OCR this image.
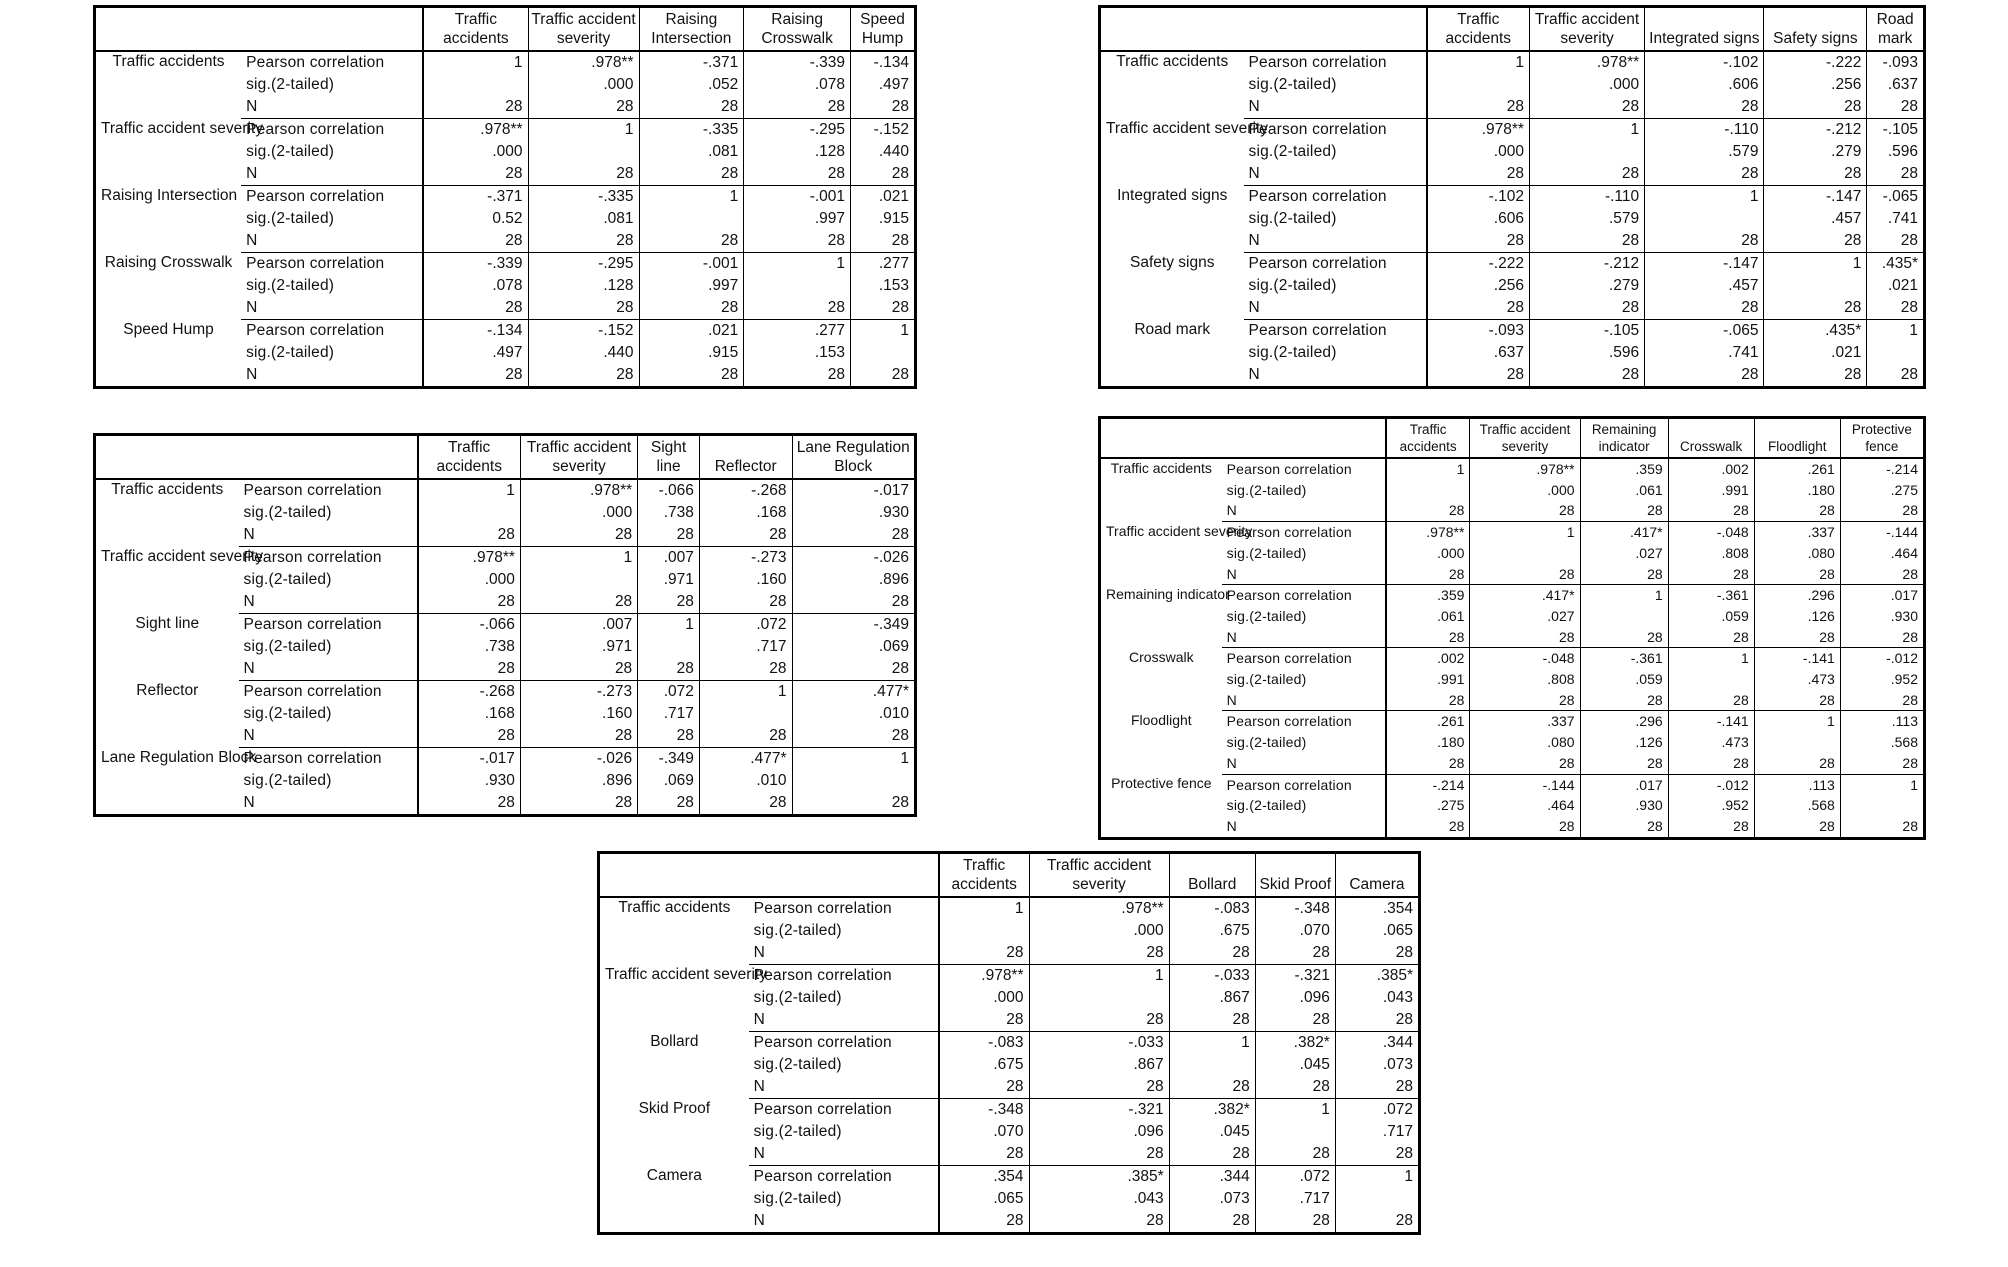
		Traffic accidents	Traffic accident severity	Raising Intersection	Raising Crosswalk	Speed Hump
Traffic accidents	Pearson correlation	1	.978**	-.371	-.339	-.134
	sig.(2-tailed)		.000	.052	.078	.497
	N	28	28	28	28	28
Traffic accident severity	Pearson correlation	.978**	1	-.335	-.295	-.152
	sig.(2-tailed)	.000		.081	.128	.440
	N	28	28	28	28	28
Raising Intersection	Pearson correlation	-.371	-.335	1	-.001	.021
	sig.(2-tailed)	0.52	.081		.997	.915
	N	28	28	28	28	28
Raising Crosswalk	Pearson correlation	-.339	-.295	-.001	1	.277
	sig.(2-tailed)	.078	.128	.997		.153
	N	28	28	28	28	28
Speed Hump	Pearson correlation	-.134	-.152	.021	.277	1
	sig.(2-tailed)	.497	.440	.915	.153	
	N	28	28	28	28	28
		Traffic accidents	Traffic accident severity	Integrated signs	Safety signs	Road mark
Traffic accidents	Pearson correlation	1	.978**	-.102	-.222	-.093
	sig.(2-tailed)		.000	.606	.256	.637
	N	28	28	28	28	28
Traffic accident severity	Pearson correlation	.978**	1	-.110	-.212	-.105
	sig.(2-tailed)	.000		.579	.279	.596
	N	28	28	28	28	28
Integrated signs	Pearson correlation	-.102	-.110	1	-.147	-.065
	sig.(2-tailed)	.606	.579		.457	.741
	N	28	28	28	28	28
Safety signs	Pearson correlation	-.222	-.212	-.147	1	.435*
	sig.(2-tailed)	.256	.279	.457		.021
	N	28	28	28	28	28
Road mark	Pearson correlation	-.093	-.105	-.065	.435*	1
	sig.(2-tailed)	.637	.596	.741	.021	
	N	28	28	28	28	28
		Traffic accidents	Traffic accident severity	Sight line	Reflector	Lane Regulation Block
Traffic accidents	Pearson correlation	1	.978**	-.066	-.268	-.017
	sig.(2-tailed)		.000	.738	.168	.930
	N	28	28	28	28	28
Traffic accident severity	Pearson correlation	.978**	1	.007	-.273	-.026
	sig.(2-tailed)	.000		.971	.160	.896
	N	28	28	28	28	28
Sight line	Pearson correlation	-.066	.007	1	.072	-.349
	sig.(2-tailed)	.738	.971		.717	.069
	N	28	28	28	28	28
Reflector	Pearson correlation	-.268	-.273	.072	1	.477*
	sig.(2-tailed)	.168	.160	.717		.010
	N	28	28	28	28	28
Lane Regulation Block	Pearson correlation	-.017	-.026	-.349	.477*	1
	sig.(2-tailed)	.930	.896	.069	.010	
	N	28	28	28	28	28
		Traffic accidents	Traffic accident severity	Remaining indicator	Crosswalk	Floodlight	Protective fence
Traffic accidents	Pearson correlation	1	.978**	.359	.002	.261	-.214
	sig.(2-tailed)		.000	.061	.991	.180	.275
	N	28	28	28	28	28	28
Traffic accident severity	Pearson correlation	.978**	1	.417*	-.048	.337	-.144
	sig.(2-tailed)	.000		.027	.808	.080	.464
	N	28	28	28	28	28	28
Remaining indicator	Pearson correlation	.359	.417*	1	-.361	.296	.017
	sig.(2-tailed)	.061	.027		.059	.126	.930
	N	28	28	28	28	28	28
Crosswalk	Pearson correlation	.002	-.048	-.361	1	-.141	-.012
	sig.(2-tailed)	.991	.808	.059		.473	.952
	N	28	28	28	28	28	28
Floodlight	Pearson correlation	.261	.337	.296	-.141	1	.113
	sig.(2-tailed)	.180	.080	.126	.473		.568
	N	28	28	28	28	28	28
Protective fence	Pearson correlation	-.214	-.144	.017	-.012	.113	1
	sig.(2-tailed)	.275	.464	.930	.952	.568	
	N	28	28	28	28	28	28
		Traffic accidents	Traffic accident severity	Bollard	Skid Proof	Camera
Traffic accidents	Pearson correlation	1	.978**	-.083	-.348	.354
	sig.(2-tailed)		.000	.675	.070	.065
	N	28	28	28	28	28
Traffic accident severity	Pearson correlation	.978**	1	-.033	-.321	.385*
	sig.(2-tailed)	.000		.867	.096	.043
	N	28	28	28	28	28
Bollard	Pearson correlation	-.083	-.033	1	.382*	.344
	sig.(2-tailed)	.675	.867		.045	.073
	N	28	28	28	28	28
Skid Proof	Pearson correlation	-.348	-.321	.382*	1	.072
	sig.(2-tailed)	.070	.096	.045		.717
	N	28	28	28	28	28
Camera	Pearson correlation	.354	.385*	.344	.072	1
	sig.(2-tailed)	.065	.043	.073	.717	
	N	28	28	28	28	28
